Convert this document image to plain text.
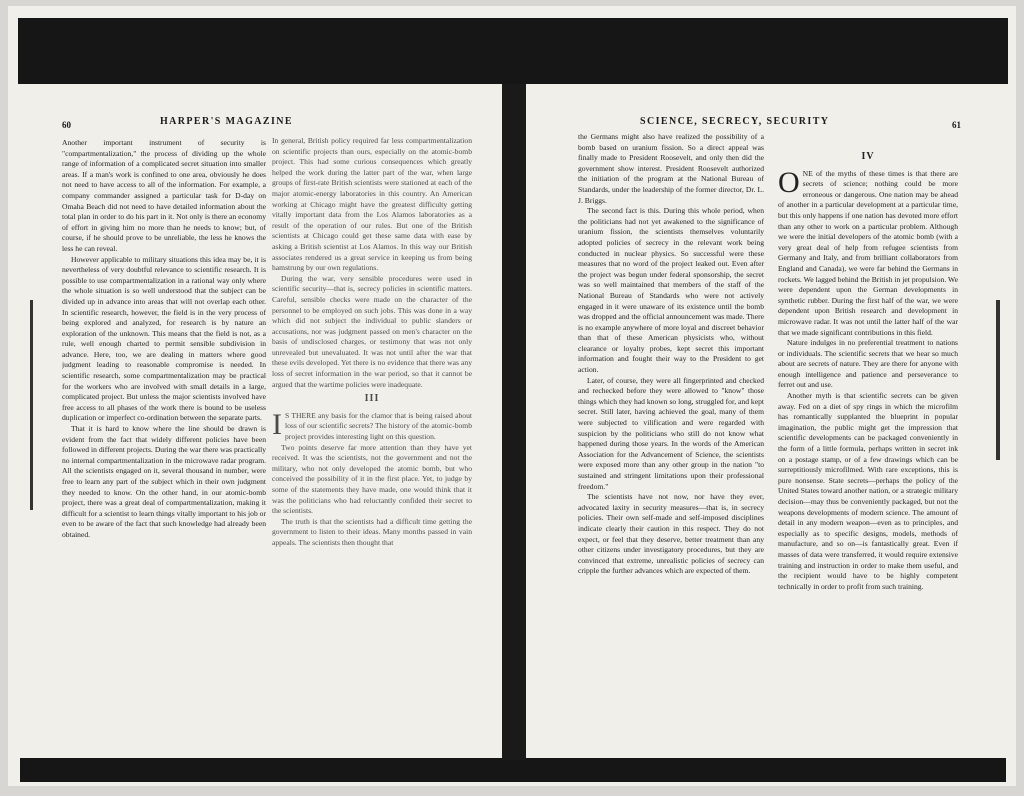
60	HARPER'S MAGAZINE	SCIENCE, SECRECY, SECURITY	61

Another important instrument of security is "compartmentalization," the process of dividing up the whole range of information of a complicated secret situation into smaller areas. If a man's work is confined to one area, obviously he does not need to have access to all of the information. For example, a company commander assigned a particular task for D-day on Omaha Beach did not need to have detailed information about the total plan in order to do his part in it. Not only is there an economy of effort in giving him no more than he needs to know; but, of course, if he should prove to be unreliable, the less he knows the less he can reveal.

However applicable to military situations this idea may be, it is nevertheless of very doubtful relevance to scientific research. It is possible to use compartmentalization in a rational way only where the whole situation is so well understood that the subject can be divided up in advance into areas that will not overlap each other. In scientific research, however, the field is in the very process of being explored and analyzed, for research is by nature an exploration of the unknown. This means that the field is not, as a rule, well enough charted to permit sensible subdivision in advance. Here, too, we are dealing in matters where good judgment leading to reasonable compromise is needed. In scientific research, some compartmentalization may be practical for the workers who are involved with small details in a large, complicated project. But unless the major scientists involved have free access to all phases of the work there is bound to be useless duplication or imperfect co-ordination between the separate parts.

That it is hard to know where the line should be drawn is evident from the fact that widely different policies have been followed in different projects. During the war there was practically no internal compartmentalization in the microwave radar program. All the scientists engaged on it, several thousand in number, were free to learn any part of the subject which in their own judgment they needed to know. On the other hand, in our atomic-bomb project, there was a great deal of compartmentalization, making it difficult for a scientist to learn things vitally important to his job or even to be aware of the fact that such knowledge had already been obtained.

In general, British policy required far less compartmentalization on scientific projects than ours, especially on the atomic-bomb project. This had some curious consequences which greatly helped the work during the latter part of the war, when large groups of first-rate British scientists were stationed at each of the major atomic-energy laboratories in this country. An American working at Chicago might have the greatest difficulty getting vitally important data from the Los Alamos laboratories as a result of the operation of our rules. But one of the British scientists at Chicago could get these same data with ease by asking a British scientist at Los Alamos. In this way our British associates rendered us a great service in keeping us from being hamstrung by our own regulations.

During the war, very sensible procedures were used in scientific security—that is, secrecy policies in scientific matters. Careful, sensible checks were made on the character of the personnel to be employed on such jobs. This was done in a way which did not subject the individual to public slanders or accusations, nor was judgment passed on men's character on the basis of undisclosed charges, or testimony that was not only unrevealed but unevaluated. It was not until after the war that these evils developed. Yet there is no evidence that there was any loss of secret information in the war period, so that it cannot be argued that the wartime policies were inadequate.

III

I S THERE any basis for the clamor that is being raised about loss of our scientific secrets? The history of the atomic-bomb project provides interesting light on this question.

Two points deserve far more attention than they have yet received. It was the scientists, not the government and not the military, who not only developed the atomic bomb, but who conceived the possibility of it in the first place. Yet, to judge by some of the statements they have made, one would think that it was the politicians who had reluctantly confided their secret to the scientists.

The truth is that the scientists had a difficult time getting the government to listen to their ideas. Many months passed in vain appeals. The scientists then thought that

the Germans might also have realized the possibility of a bomb based on uranium fission. So a direct appeal was finally made to President Roosevelt, and only then did the government show interest. President Roosevelt authorized the initiation of the program at the National Bureau of Standards, under the leadership of the former director, Dr. L. J. Briggs.

The second fact is this. During this whole period, when the politicians had not yet awakened to the significance of uranium fission, the scientists themselves voluntarily adopted policies of secrecy in the relevant work being conducted in nuclear physics. So successful were these measures that no word of the project leaked out. Even after the project was begun under federal sponsorship, the secret was so well maintained that members of the staff of the National Bureau of Standards who were not actively engaged in it were unaware of its existence until the bomb was dropped and the official announcement was made. There is no example anywhere of more loyal and discreet behavior than that of these American physicists who, without clearance or loyalty probes, kept secret this important information and fought their way to the President to get action.

Later, of course, they were all fingerprinted and checked and rechecked before they were allowed to "know" those things which they had known so long, struggled for, and kept secret. Still later, having achieved the goal, many of them were subjected to vilification and were regarded with suspicion by the politicians who still do not know what happened during those years. In the words of the American Association for the Advancement of Science, the scientists were exposed more than any other group in the nation "to sustained and stringent limitations upon their professional freedom."

The scientists have not now, nor have they ever, advocated laxity in security measures—that is, in secrecy policies. Their own self-made and self-imposed disciplines indicate clearly their caution in this respect. They do not expect, or feel that they deserve, better treatment than any other citizens under investigatory procedures, but they are convinced that extreme, unrealistic policies of secrecy can cripple the further advances which are expected of them.

IV

O NE of the myths of these times is that there are secrets of science; nothing could be more erroneous or dangerous. One nation may be ahead of another in a particular development at a particular time, but this only happens if one nation has devoted more effort than any other to work on a particular problem. Although we were the initial developers of the atomic bomb (with a very great deal of help from refugee scientists from Germany and Italy, and from brilliant collaborators from England and Canada), we were far behind the Germans in rockets. We lagged behind the British in jet propulsion. We were dependent upon the German developments in synthetic rubber. During the first half of the war, we were dependent upon British research and development in microwave radar. It was not until the latter half of the war that we made significant contributions in this field.

Nature indulges in no preferential treatment to nations or individuals. The scientific secrets that we hear so much about are secrets of nature. They are there for anyone with enough intelligence and patience and perseverance to ferret out and use.

Another myth is that scientific secrets can be given away. Fed on a diet of spy rings in which the microfilm has romantically supplanted the blueprint in popular imagination, the public might get the impression that scientific developments can be packaged conveniently in the form of a little formula, perhaps written in secret ink on a postage stamp, or of a few drawings which can be surreptitiously microfilmed. With rare exceptions, this is pure nonsense. State secrets—perhaps the policy of the United States toward another nation, or a strategic military decision—may thus be conveniently packaged, but not the weapons developments of modern science. The amount of detail in any modern weapon—even as to principles, and especially as to specific designs, models, methods of manufacture, and so on—is fantastically great. Even if masses of data were transferred, it would require extensive training and instruction in order to make them useful, and the recipient would have to be highly competent technically in order to profit from such training.
